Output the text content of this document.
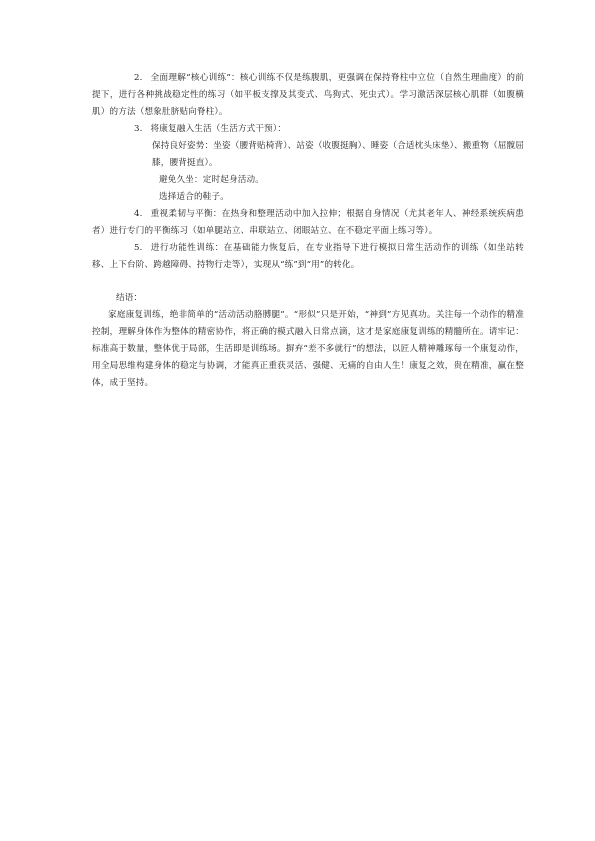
2. 全面理解“核心训练”：核心训练不仅是练腹肌，更强调在保持脊柱中立位（自然生理曲度）的前提下，进行各种挑战稳定性的练习（如平板支撑及其变式、鸟狗式、死虫式）。学习激活深层核心肌群（如腹横肌）的方法（想象肚脐贴向脊柱）。

3. 将康复融入生活（生活方式干预）：

保持良好姿势：坐姿（腰背贴椅背）、站姿（收腹挺胸）、睡姿（合适枕头床垫）、搬重物（屈髋屈膝，腰背挺直）。

避免久坐：定时起身活动。

选择适合的鞋子。

4. 重视柔韧与平衡：在热身和整理活动中加入拉伸；根据自身情况（尤其老年人、神经系统疾病患者）进行专门的平衡练习（如单腿站立、串联站立、闭眼站立、在不稳定平面上练习等）。

5. 进行功能性训练：在基础能力恢复后，在专业指导下进行模拟日常生活动作的训练（如坐站转移、上下台阶、跨越障碍、持物行走等），实现从“练”到“用”的转化。

结语：

家庭康复训练，绝非简单的“活动活动胳膊腿”。“形似”只是开始，“神到”方见真功。关注每一个动作的精准控制，理解身体作为整体的精密协作，将正确的模式融入日常点滴，这才是家庭康复训练的精髓所在。请牢记：标准高于数量，整体优于局部，生活即是训练场。摒弃“差不多就行”的想法，以匠人精神雕琢每一个康复动作，用全局思维构建身体的稳定与协调，才能真正重获灵活、强健、无痛的自由人生！康复之效，贵在精准，赢在整体，成于坚持。
